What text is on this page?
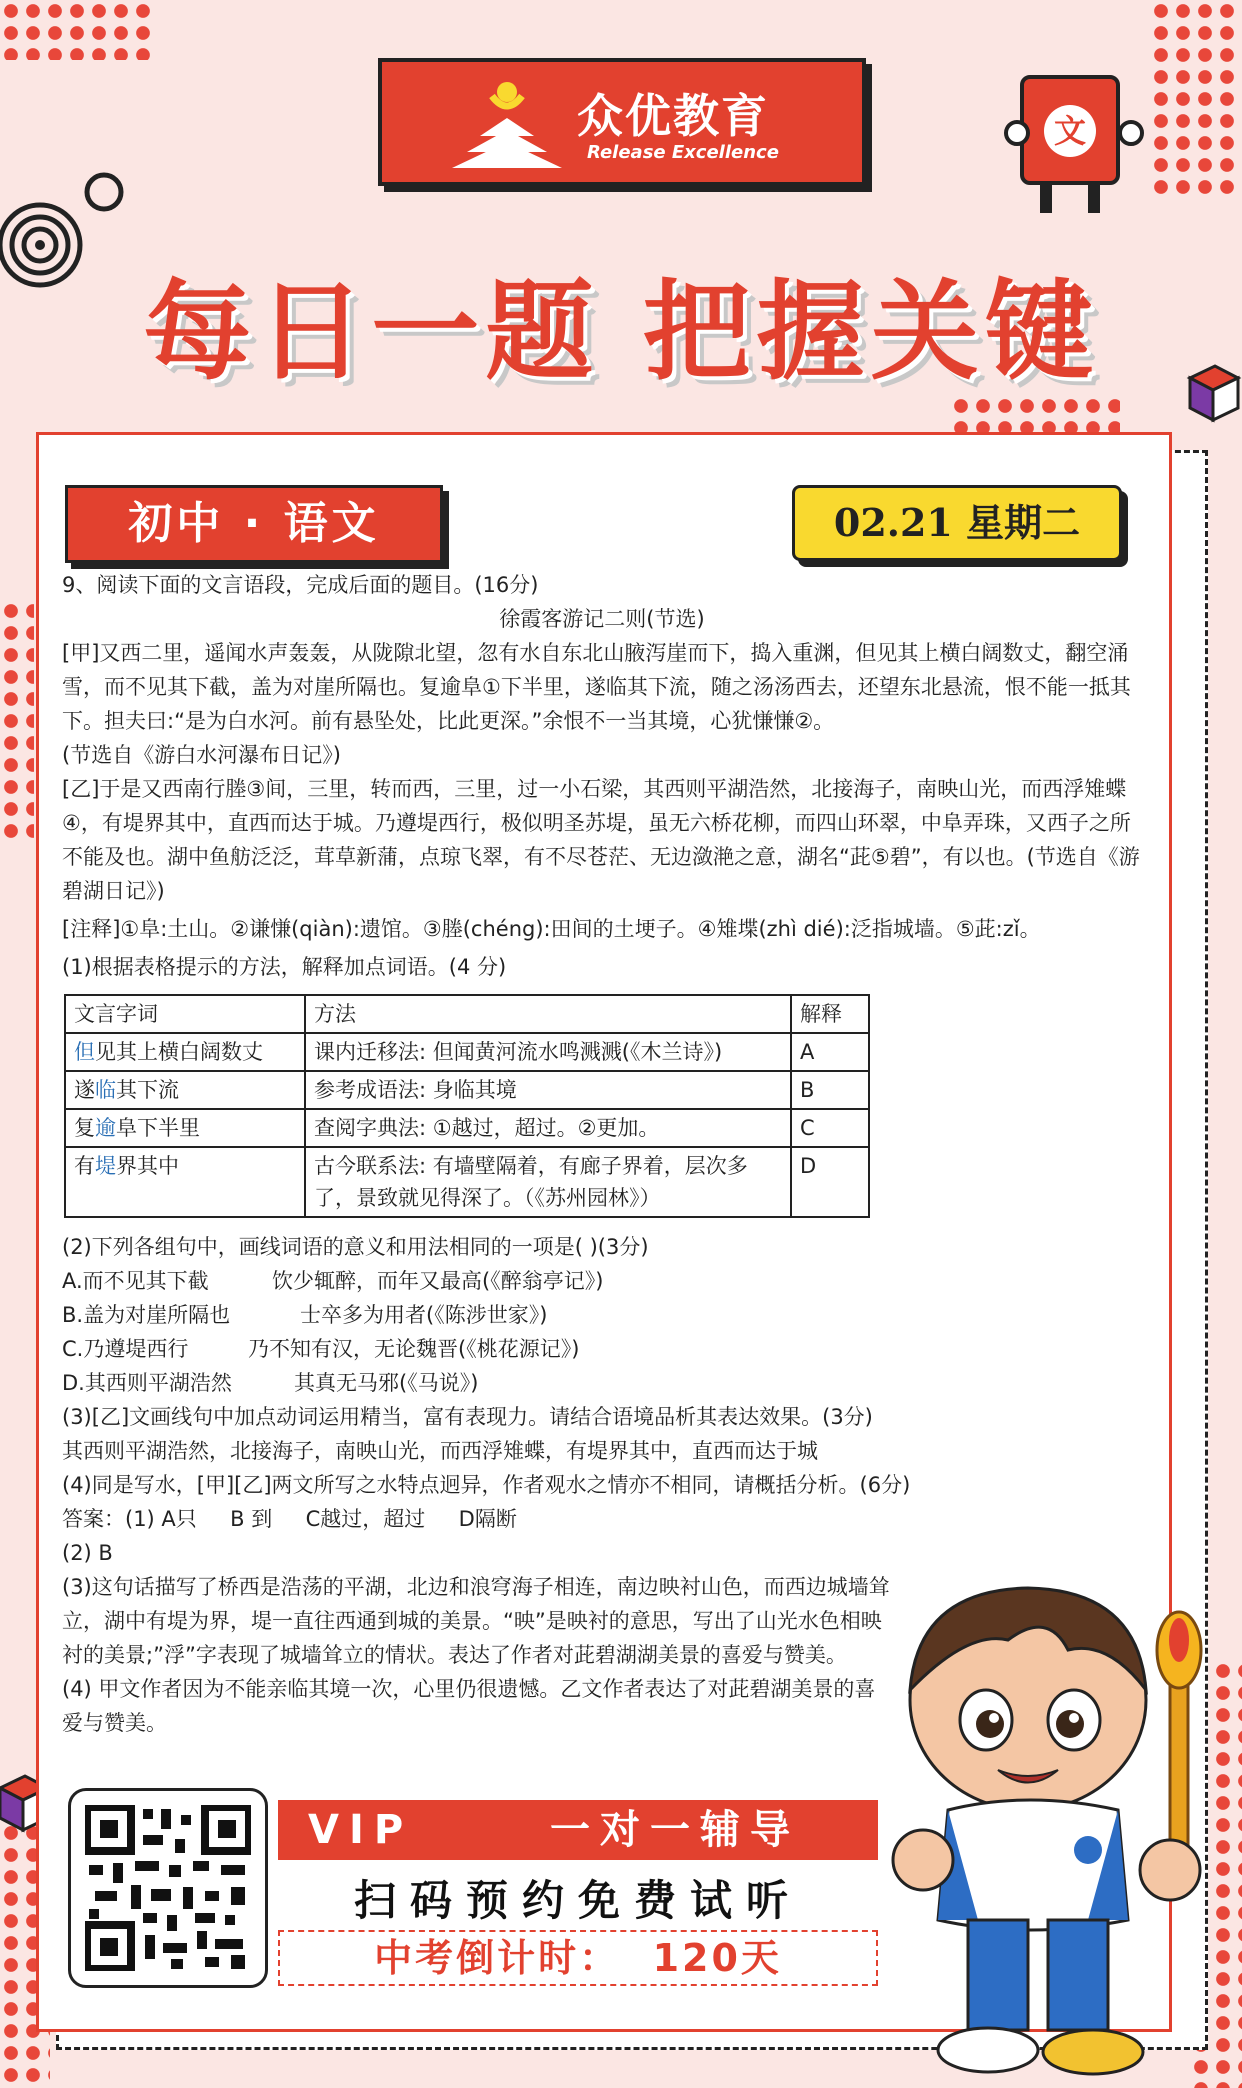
众优教育
Release Excellence
文
每日一题 把握关键
初中 · 语文	02.21 星期二

9、阅读下面的文言语段，完成后面的题目。(16分)

徐霞客游记二则(节选)

[甲]又西二里，遥闻水声轰轰，从陇隙北望，忽有水自东北山腋泻崖而下，捣入重渊，但见其上横白阔数丈，翻空涌雪，而不见其下截，盖为对崖所隔也。复逾阜①下半里，遂临其下流，随之汤汤西去，还望东北悬流，恨不能一抵其下。担夫曰:“是为白水河。前有悬坠处，比此更深。”余恨不一当其境，心犹慊慊②。

(节选自《游白水河瀑布日记》)

[乙]于是又西南行塍③间，三里，转而西，三里，过一小石梁，其西则平湖浩然，北接海子，南映山光，而西浮雉蝶④，有堤界其中，直西而达于城。乃遵堤西行，极似明圣苏堤，虽无六桥花柳，而四山环翠，中阜弄珠，又西子之所不能及也。湖中鱼舫泛泛，茸草新蒲，点琼飞翠，有不尽苍茫、无边潋滟之意，湖名“茈⑤碧”，有以也。(节选自《游碧湖日记》)

[注释]①阜:土山。②谦慊(qiàn):遗馆。③塍(chéng):田间的土埂子。④雉堞(zhì dié):泛指城墙。⑤茈:zǐ。

(1)根据表格提示的方法，解释加点词语。(4 分)

文言字词	方法	解释
但见其上横白阔数丈	课内迁移法: 但闻黄河流水鸣溅溅(《木兰诗》)	A
遂临其下流	参考成语法: 身临其境	B
复逾阜下半里	查阅字典法: ①越过，超过。②更加。	C
有堤界其中	古今联系法: 有墙壁隔着，有廊子界着，层次多了，景致就见得深了。（《苏州园林》）	D

(2)下列各组句中，画线词语的意义和用法相同的一项是( )(3分)

A.而不见其下截	饮少辄醉，而年又最高(《醉翁亭记》)

B.盖为对崖所隔也	士卒多为用者(《陈涉世家》)

C.乃遵堤西行	乃不知有汉，无论魏晋(《桃花源记》)

D.其西则平湖浩然	其真无马邪(《马说》)

(3)[乙]文画线句中加点动词运用精当，富有表现力。请结合语境品析其表达效果。(3分)

其西则平湖浩然，北接海子，南映山光，而西浮雉蝶，有堤界其中，直西而达于城

(4)同是写水，[甲][乙]两文所写之水特点迥异，作者观水之情亦不相同，请概括分析。(6分)

答案：(1) A只     B 到     C越过，超过     D隔断

(2) B

(3)这句话描写了桥西是浩荡的平湖，北边和浪穹海子相连，南边映衬山色，而西边城墙耸立，湖中有堤为界，堤一直往西通到城的美景。“映”是映衬的意思，写出了山光水色相映衬的美景;”浮”字表现了城墙耸立的情状。表达了作者对茈碧湖湖美景的喜爱与赞美。

(4) 甲文作者因为不能亲临其境一次，心里仍很遗憾。乙文作者表达了对茈碧湖美景的喜爱与赞美。

VIP	一对一辅导
扫码预约免费试听
中考倒计时：  120天
